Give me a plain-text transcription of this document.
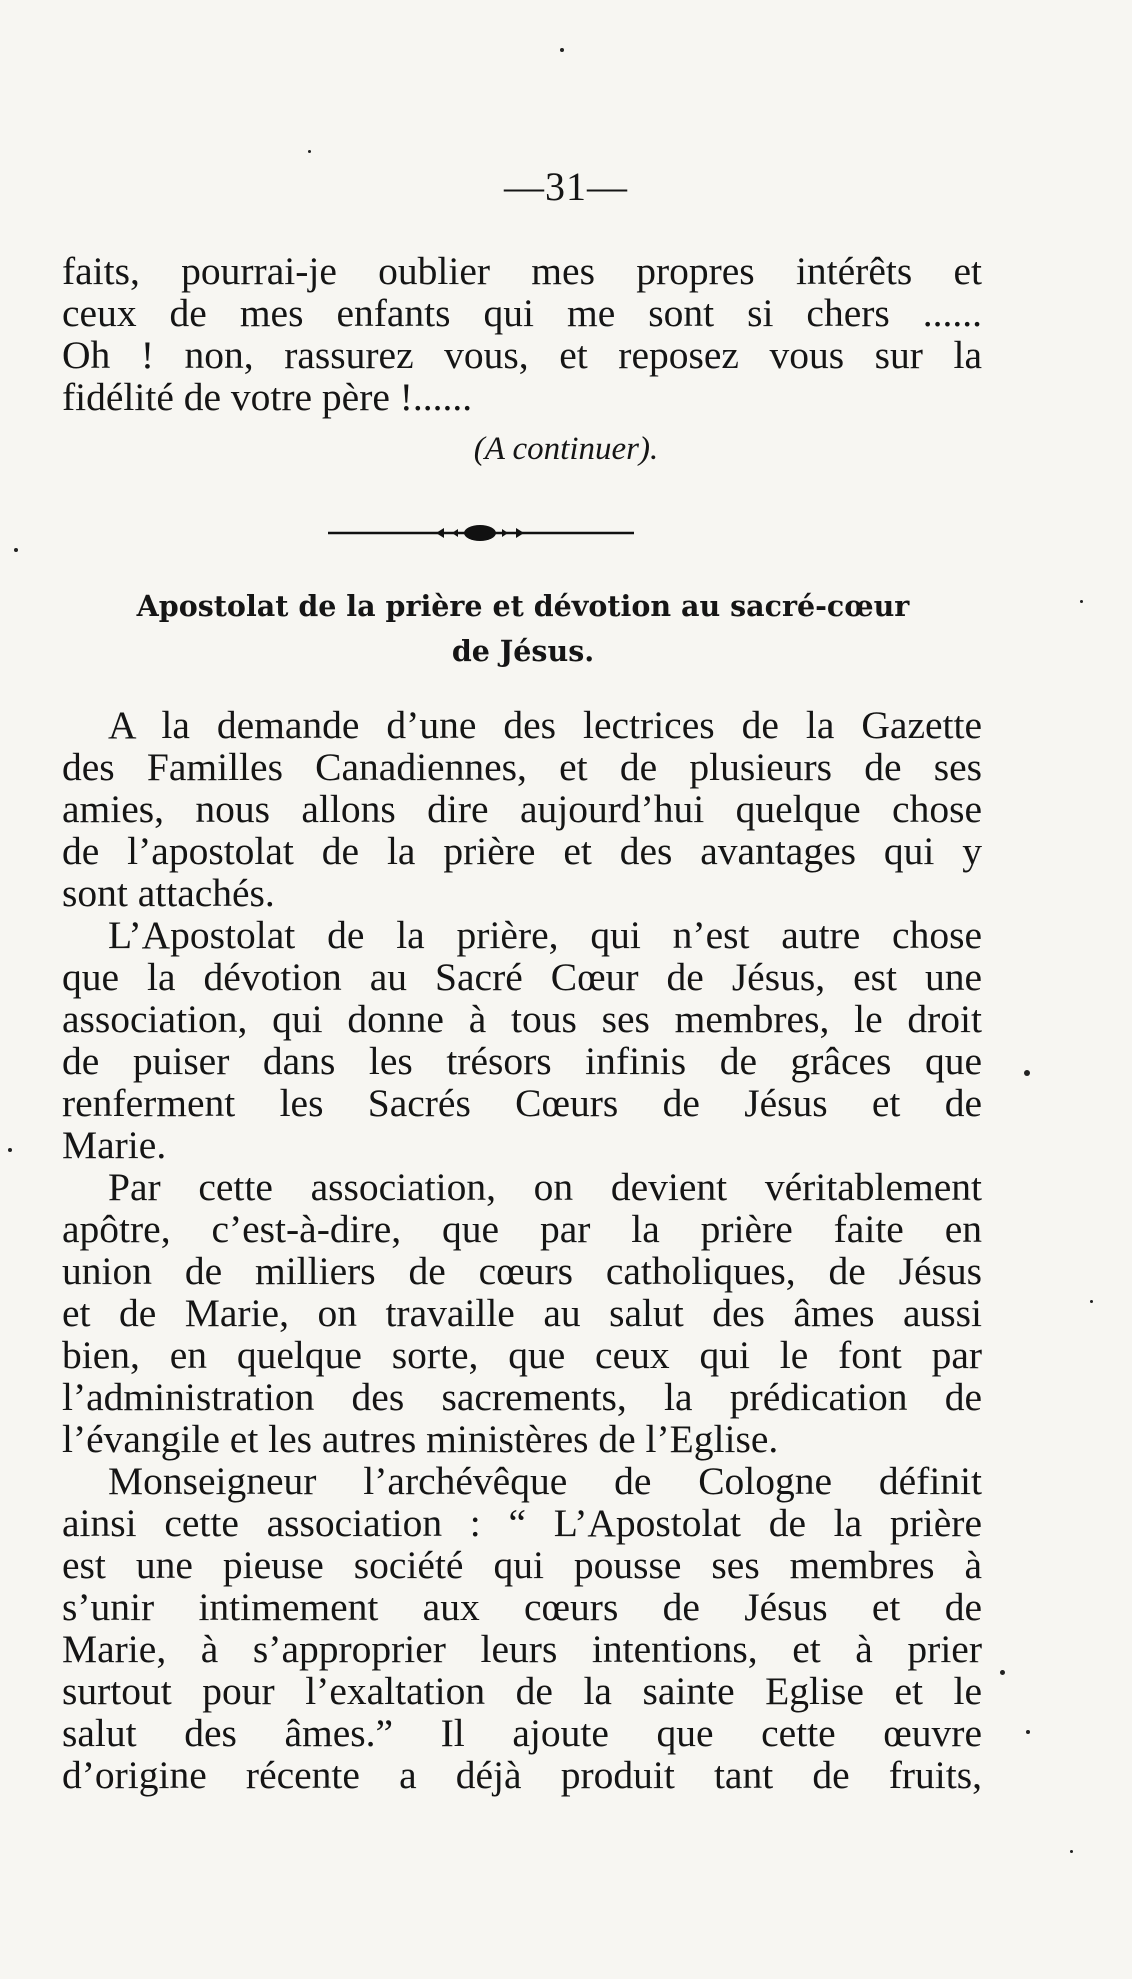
—31—
faits, pourrai-je oublier mes propres intérêts et
ceux de mes enfants qui me sont si chers ......
Oh ! non, rassurez vous, et reposez vous sur la
fidélité de votre père !......
(A continuer).
Apostolat de la prière et dévotion au sacré-cœur
de Jésus.
A la demande d’une des lectrices de la Gazette
des Familles Canadiennes, et de plusieurs de ses
amies, nous allons dire aujourd’hui quelque chose
de l’apostolat de la prière et des avantages qui y
sont attachés.
L’Apostolat de la prière, qui n’est autre chose
que la dévotion au Sacré Cœur de Jésus, est une
association, qui donne à tous ses membres, le droit
de puiser dans les trésors infinis de grâces que
renferment les Sacrés Cœurs de Jésus et de
Marie.
Par cette association, on devient véritablement
apôtre, c’est-à-dire, que par la prière faite en
union de milliers de cœurs catholiques, de Jésus
et de Marie, on travaille au salut des âmes aussi
bien, en quelque sorte, que ceux qui le font par
l’administration des sacrements, la prédication de
l’évangile et les autres ministères de l’Eglise.
Monseigneur l’archévêque de Cologne définit
ainsi cette association : “ L’Apostolat de la prière
est une pieuse société qui pousse ses membres à
s’unir intimement aux cœurs de Jésus et de
Marie, à s’approprier leurs intentions, et à prier
surtout pour l’exaltation de la sainte Eglise et le
salut des âmes.” Il ajoute que cette œuvre
d’origine récente a déjà produit tant de fruits,
